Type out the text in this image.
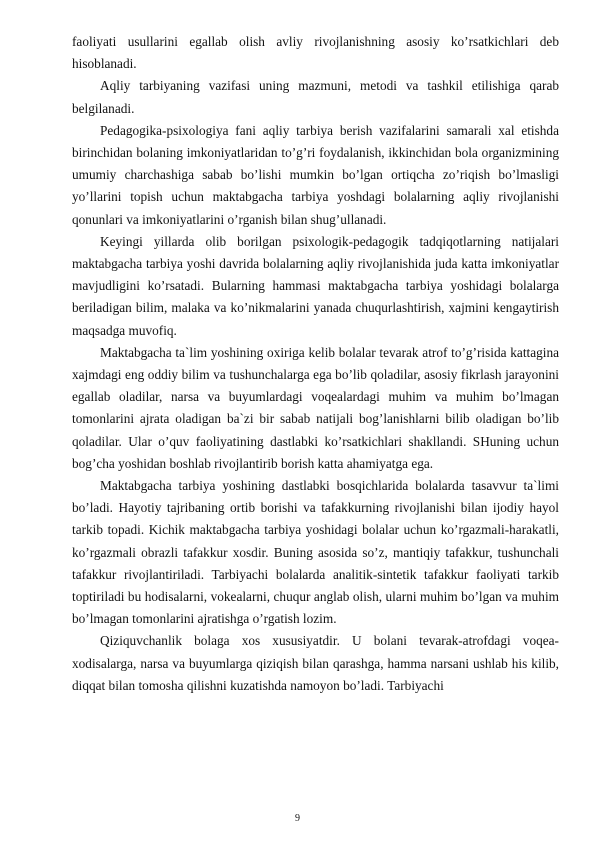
faoliyati usullarini egallab olish avliy rivojlanishning asosiy ko’rsatkichlari deb hisoblanadi.

Aqliy tarbiyaning vazifasi uning mazmuni, metodi va tashkil etilishiga qarab belgilanadi.

Pedagogika-psixologiya fani aqliy tarbiya berish vazifalarini samarali xal etishda birinchidan bolaning imkoniyatlaridan to’g’ri foydalanish, ikkinchidan bola organizmining umumiy charchashiga sabab bo’lishi mumkin bo’lgan ortiqcha zo’riqish bo’lmasligi yo’llarini topish uchun maktabgacha tarbiya yoshdagi bolalarning aqliy rivojlanishi qonunlari va imkoniyatlarini o’rganish bilan shug’ullanadi.

Keyingi yillarda olib borilgan psixologik-pedagogik tadqiqotlarning natijalari maktabgacha tarbiya yoshi davrida bolalarning aqliy rivojlanishida juda katta imkoniyatlar mavjudligini ko’rsatadi. Bularning hammasi maktabgacha tarbiya yoshidagi bolalarga beriladigan bilim, malaka va ko’nikmalarini yanada chuqurlashtirish, xajmini kengaytirish maqsadga muvofiq.

Maktabgacha ta`lim yoshining oxiriga kelib bolalar tevarak atrof to’g’risida kattagina xajmdagi eng oddiy bilim va tushunchalarga ega bo’lib qoladilar, asosiy fikrlash jarayonini egallab oladilar, narsa va buyumlardagi voqealardagi muhim va muhim bo’lmagan tomonlarini ajrata oladigan ba`zi bir sabab natijali bog’lanishlarni bilib oladigan bo’lib qoladilar. Ular o’quv faoliyatining dastlabki ko’rsatkichlari shakllandi. SHuning uchun bog’cha yoshidan boshlab rivojlantirib borish katta ahamiyatga ega.

Maktabgacha tarbiya yoshining dastlabki bosqichlarida bolalarda tasavvur ta`limi bo’ladi. Hayotiy tajribaning ortib borishi va tafakkurning rivojlanishi bilan ijodiy hayol tarkib topadi. Kichik maktabgacha tarbiya yoshidagi bolalar uchun ko’rgazmali-harakatli, ko’rgazmali obrazli tafakkur xosdir. Buning asosida so’z, mantiqiy tafakkur, tushunchali tafakkur rivojlantiriladi. Tarbiyachi bolalarda analitik-sintetik tafakkur faoliyati tarkib toptiriladi bu hodisalarni, vokealarni, chuqur anglab olish, ularni muhim bo’lgan va muhim bo’lmagan tomonlarini ajratishga o’rgatish lozim.

Qiziquvchanlik bolaga xos xususiyatdir. U bolani tevarak-atrofdagi voqea-xodisalarga, narsa va buyumlarga qiziqish bilan qarashga, hamma narsani ushlab his kilib, diqqat bilan tomosha qilishni kuzatishda namoyon bo’ladi. Tarbiyachi

9
